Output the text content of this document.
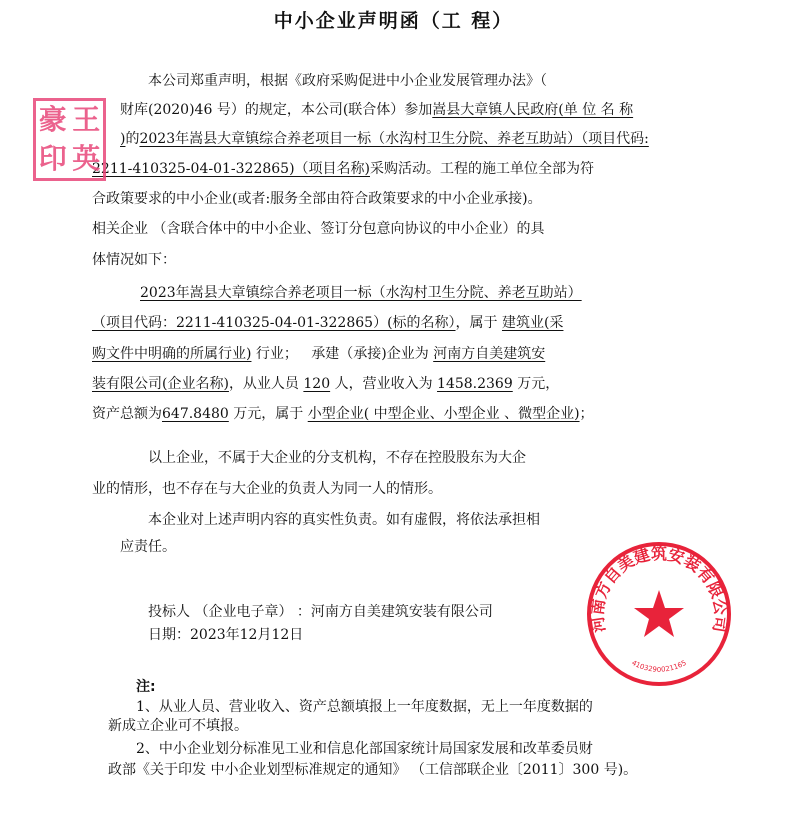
中小企业声明函（工 程）
本公司郑重声明，根据《政府采购促进中小企业发展管理办法》（
财库(2020)46 号）的规定，本公司(联合体）参加嵩县大章镇人民政府(单 位 名 称
)的2023年嵩县大章镇综合养老项目一标（水沟村卫生分院、养老互助站）（项目代码:
2211-410325-04-01-322865)（项目名称)采购活动。工程的施工单位全部为符
合政策要求的中小企业(或者:服务全部由符合政策要求的中小企业承接)。
相关企业 （含联合体中的中小企业、签订分包意向协议的中小企业）的具
体情况如下：
2023年嵩县大章镇综合养老项目一标（水沟村卫生分院、养老互助站）
（项目代码：2211-410325-04-01-322865）(标的名称），属于 建筑业(采
购文件中明确的所属行业) 行业； 承建（承接)企业为 河南方自美建筑安
装有限公司(企业名称)，从业人员 120 人，营业收入为 1458.2369 万元，
资产总额为647.8480 万元，属于 小型企业( 中型企业、小型企业 、微型企业)；
以上企业，不属于大企业的分支机构，不存在控股股东为大企
业的情形，也不存在与大企业的负责人为同一人的情形。
本企业对上述声明内容的真实性负责。如有虚假，将依法承担相
应责任。
投标人 （企业电子章） ：河南方自美建筑安装有限公司
日期：2023年12月12日
注:
1、从业人员、营业收入、资产总额填报上一年度数据，无上一年度数据的
新成立企业可不填报。
2、中小企业划分标准见工业和信息化部国家统计局国家发展和改革委员财
政部《关于印发 中小企业划型标准规定的通知》 （工信部联企业〔2011〕300 号)。
王
豪
英
印
河南方自美建筑安装有限公司
4103290021165
